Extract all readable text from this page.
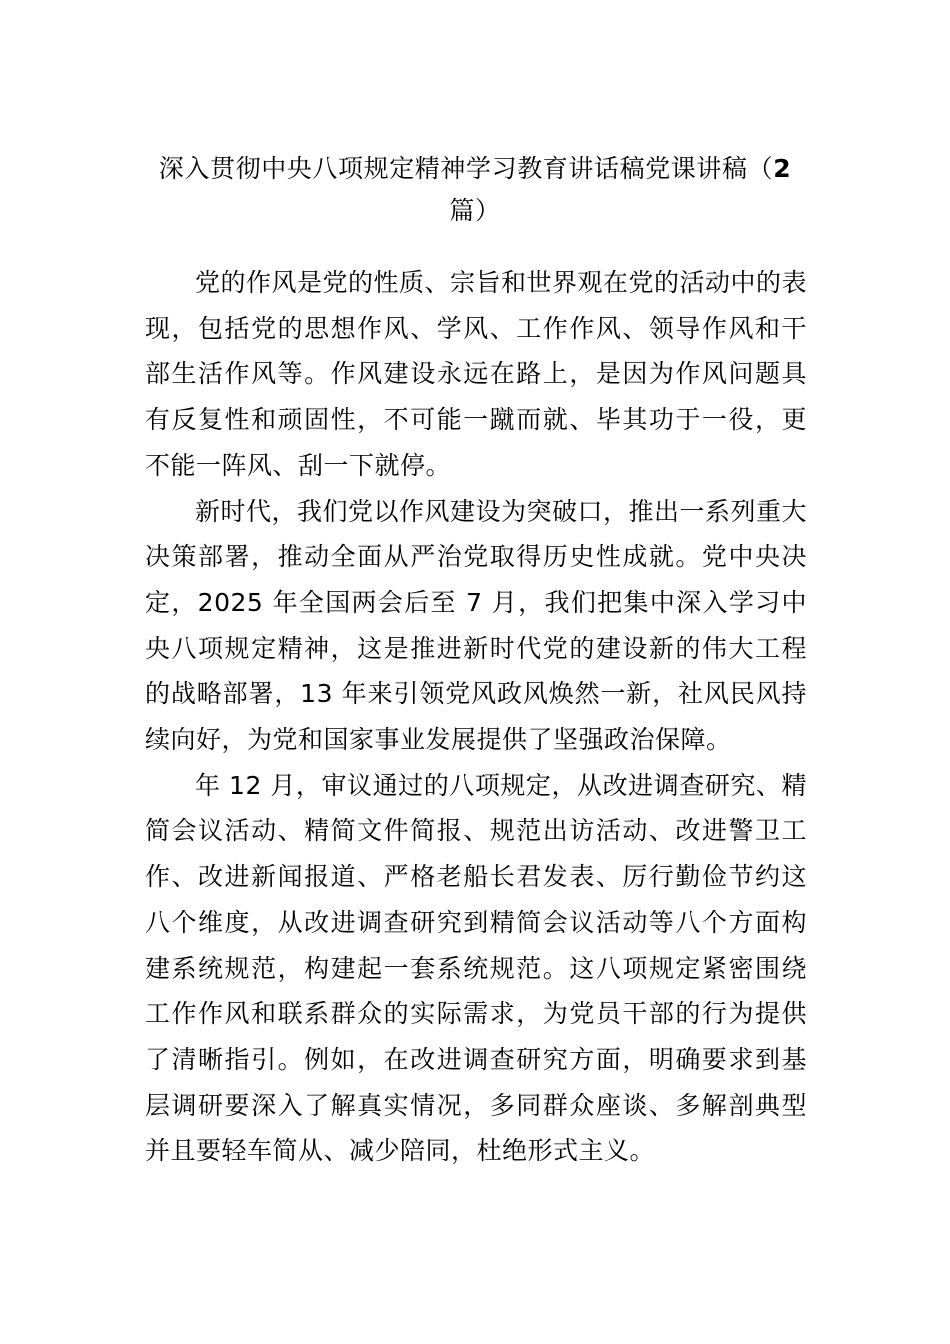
深入贯彻中央八项规定精神学习教育讲话稿党课讲稿（2
篇）

党的作风是党的性质、宗旨和世界观在党的活动中的表现，包括党的思想作风、学风、工作作风、领导作风和干部生活作风等。作风建设永远在路上，是因为作风问题具有反复性和顽固性，不可能一蹴而就、毕其功于一役，更不能一阵风、刮一下就停。

新时代，我们党以作风建设为突破口，推出一系列重大决策部署，推动全面从严治党取得历史性成就。党中央决定，2025 年全国两会后至 7 月，我们把集中深入学习中央八项规定精神，这是推进新时代党的建设新的伟大工程的战略部署，13 年来引领党风政风焕然一新，社风民风持续向好，为党和国家事业发展提供了坚强政治保障。

年 12 月，审议通过的八项规定，从改进调查研究、精简会议活动、精简文件简报、规范出访活动、改进警卫工作、改进新闻报道、严格老船长君发表、厉行勤俭节约这八个维度，从改进调查研究到精简会议活动等八个方面构建系统规范，构建起一套系统规范。这八项规定紧密围绕工作作风和联系群众的实际需求，为党员干部的行为提供了清晰指引。例如，在改进调查研究方面，明确要求到基层调研要深入了解真实情况，多同群众座谈、多解剖典型并且要轻车简从、减少陪同，杜绝形式主义。
